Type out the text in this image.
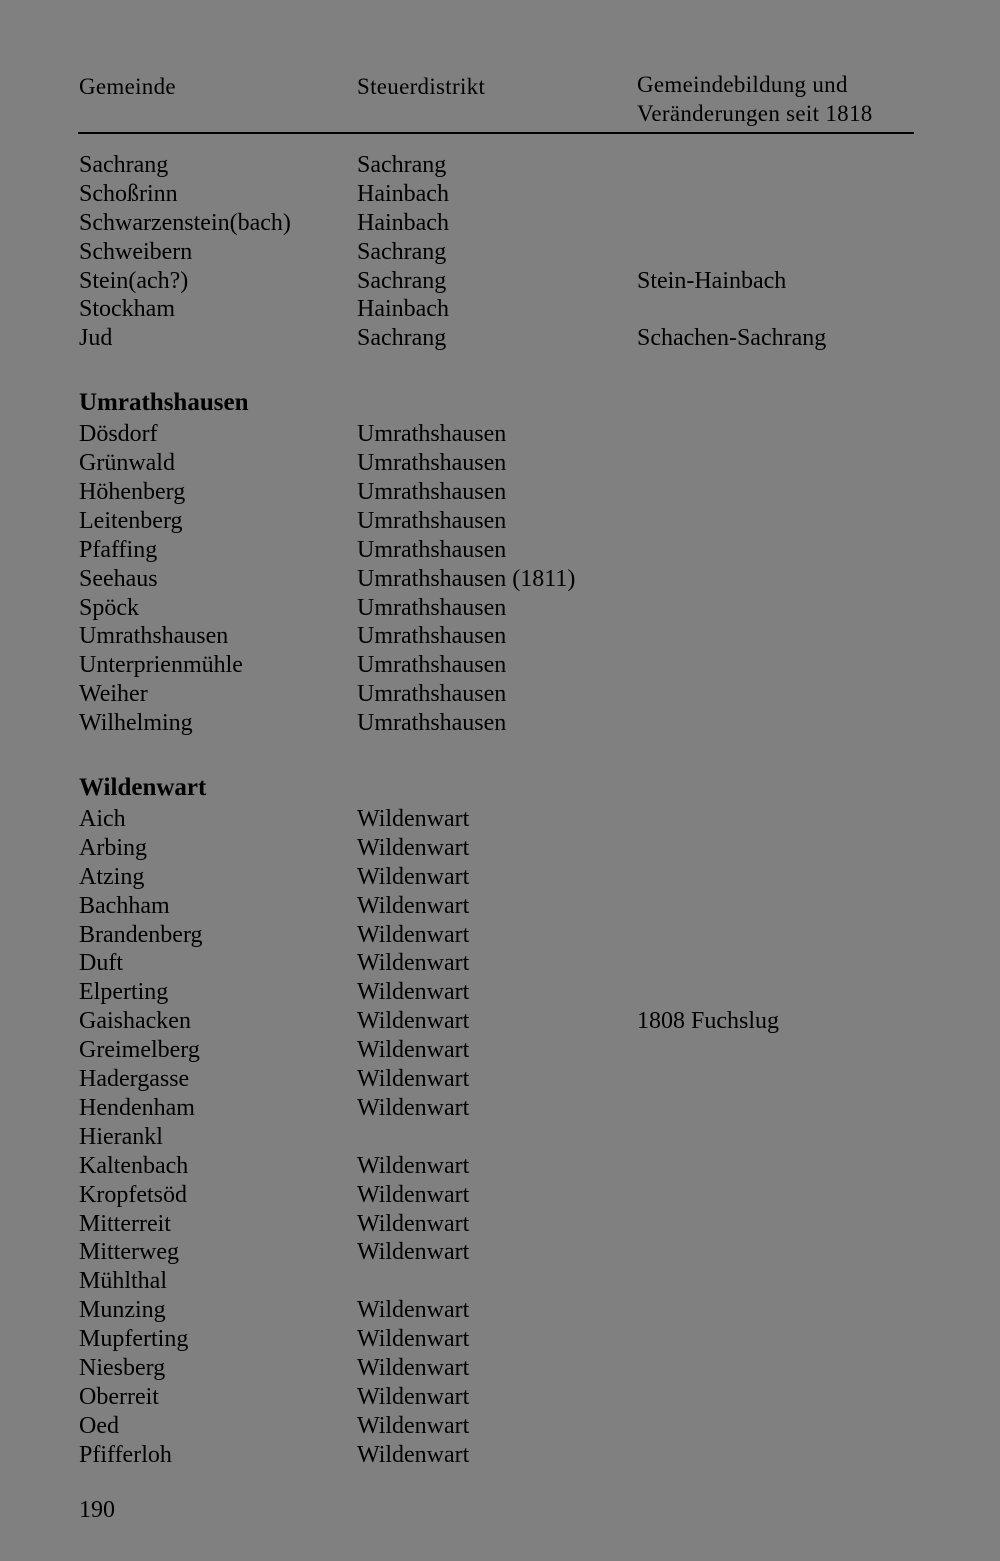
Gemeinde	Steuerdistrikt	Gemeindebildung und
Veränderungen seit 1818
Sachrang	Sachrang
Schoßrinn	Hainbach
Schwarzenstein(bach)	Hainbach
Schweibern	Sachrang
Stein(ach?)	Sachrang	Stein-Hainbach
Stockham	Hainbach
Jud	Sachrang	Schachen-Sachrang
Umrathshausen
Dösdorf	Umrathshausen
Grünwald	Umrathshausen
Höhenberg	Umrathshausen
Leitenberg	Umrathshausen
Pfaffing	Umrathshausen
Seehaus	Umrathshausen (1811)
Spöck	Umrathshausen
Umrathshausen	Umrathshausen
Unterprienmühle	Umrathshausen
Weiher	Umrathshausen
Wilhelming	Umrathshausen
Wildenwart
Aich	Wildenwart
Arbing	Wildenwart
Atzing	Wildenwart
Bachham	Wildenwart
Brandenberg	Wildenwart
Duft	Wildenwart
Elperting	Wildenwart
Gaishacken	Wildenwart	1808 Fuchslug
Greimelberg	Wildenwart
Hadergasse	Wildenwart
Hendenham	Wildenwart
Hierankl
Kaltenbach	Wildenwart
Kropfetsöd	Wildenwart
Mitterreit	Wildenwart
Mitterweg	Wildenwart
Mühlthal
Munzing	Wildenwart
Mupferting	Wildenwart
Niesberg	Wildenwart
Oberreit	Wildenwart
Oed	Wildenwart
Pfifferloh	Wildenwart
190
